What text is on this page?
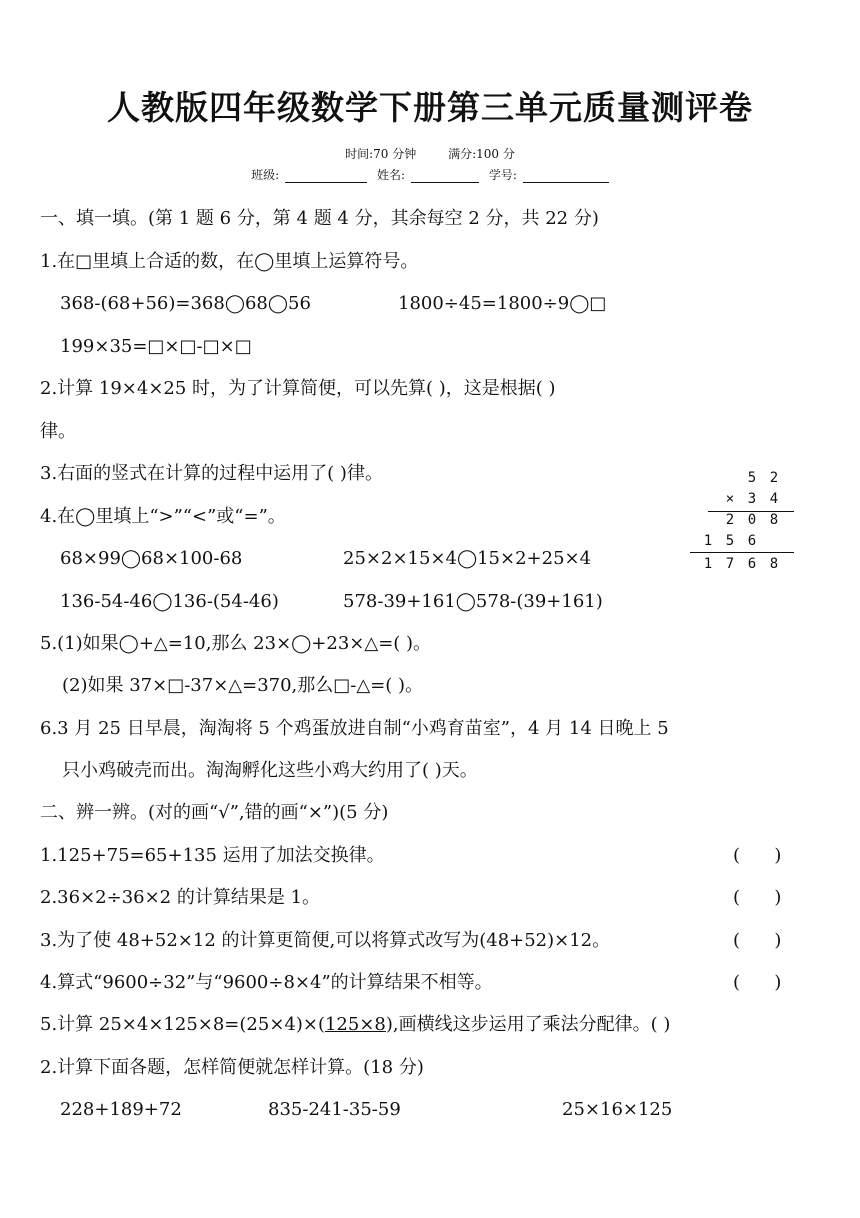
人教版四年级数学下册第三单元质量测评卷
时间:70 分钟	满分:100 分
班级:	姓名:	学号:
一、填一填。(第 1 题 6 分，第 4 题 4 分，其余每空 2 分，共 22 分)
1.在□里填上合适的数，在◯里填上运算符号。
368-(68+56)=368◯68◯56	1800÷45=1800÷9◯□
199×35=□×□-□×□
2.计算 19×4×25 时，为了计算简便，可以先算( )，这是根据( )
律。
3.右面的竖式在计算的过程中运用了( )律。
4.在◯里填上“>”“<”或“=”。
68×99◯68×100-68	25×2×15×4◯15×2+25×4
136-54-46◯136-(54-46)	578-39+161◯578-(39+161)
5.(1)如果◯+△=10,那么 23×◯+23×△=( )。
(2)如果 37×□-37×△=370,那么□-△=( )。
6.3 月 25 日早晨，淘淘将 5 个鸡蛋放进自制“小鸡育苗室”，4 月 14 日晚上 5
只小鸡破壳而出。淘淘孵化这些小鸡大约用了( )天。
5 2
× 3 4
2 0 8
1 5 6
1 7 6 8
二、辨一辨。(对的画“√”,错的画“×”)(5 分)
1.125+75=65+135 运用了加法交换律。	(      )
2.36×2÷36×2 的计算结果是 1。	(      )
3.为了使 48+52×12 的计算更简便,可以将算式改写为(48+52)×12。	(      )
4.算式“9600÷32”与“9600÷8×4”的计算结果不相等。	(      )
5.计算 25×4×125×8=(25×4)×(125×8),画横线这步运用了乘法分配律。( )
2.计算下面各题，怎样简便就怎样计算。(18 分)
228+189+72	835-241-35-59	25×16×125
